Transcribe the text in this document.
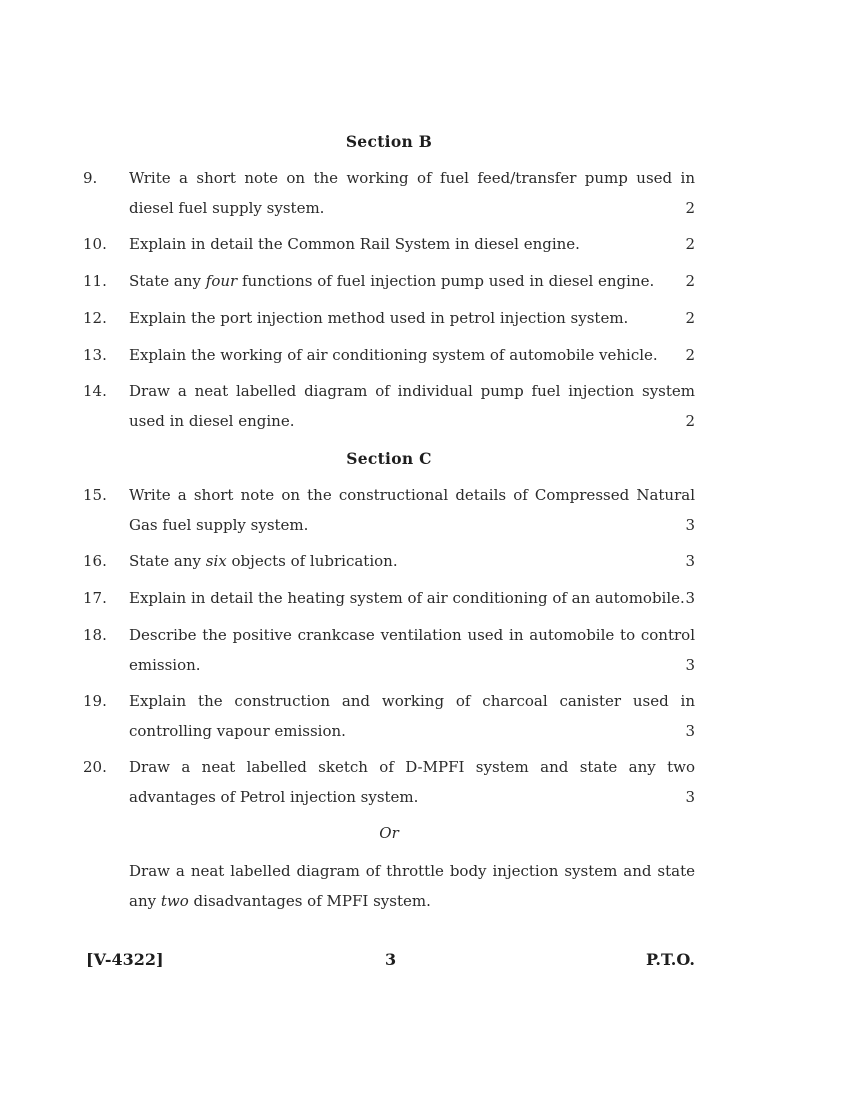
Section B
9. Write a short note on the working of fuel feed/transfer pump used in diesel fuel supply system.	2
10. Explain in detail the Common Rail System in diesel engine.	2
11. State any four functions of fuel injection pump used in diesel engine.	2
12. Explain the port injection method used in petrol injection system.	2
13. Explain the working of air conditioning system of automobile vehicle.	2
14. Draw a neat labelled diagram of individual pump fuel injection system used in diesel engine.	2
Section C
15. Write a short note on the constructional details of Compressed Natural Gas fuel supply system.	3
16. State any six objects of lubrication.	3
17. Explain in detail the heating system of air conditioning of an automobile. 3
18. Describe the positive crankcase ventilation used in automobile to control emission.	3
19. Explain the construction and working of charcoal canister used in controlling vapour emission.	3
20. Draw a neat labelled sketch of D-MPFI system and state any two advantages of Petrol injection system.	3
Or
Draw a neat labelled diagram of throttle body injection system and state any two disadvantages of MPFI system.
[V-4322]	3	P.T.O.
